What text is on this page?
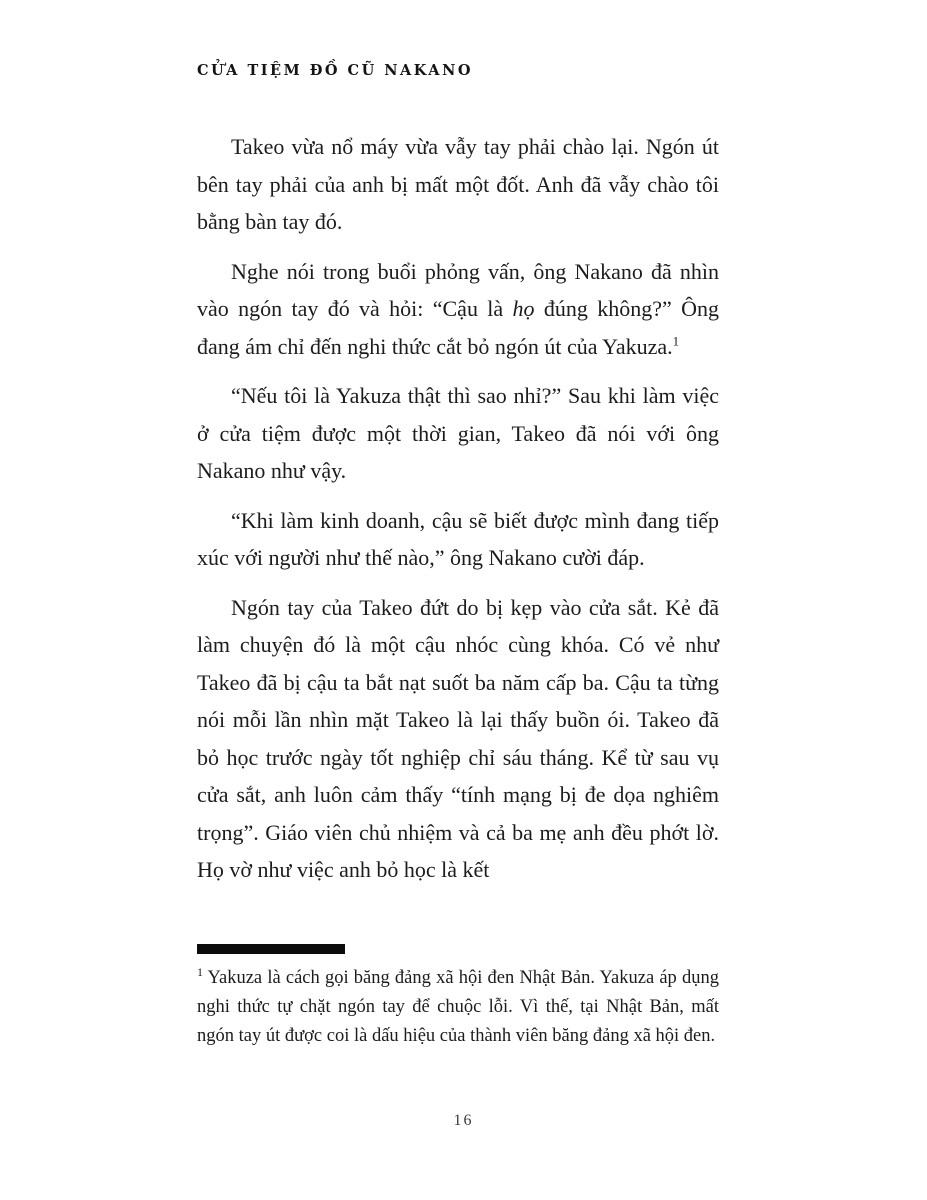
CỬA TIỆM ĐỒ CŨ NAKANO

Takeo vừa nổ máy vừa vẫy tay phải chào lại. Ngón út bên tay phải của anh bị mất một đốt. Anh đã vẫy chào tôi bằng bàn tay đó.

Nghe nói trong buổi phỏng vấn, ông Nakano đã nhìn vào ngón tay đó và hỏi: “Cậu là họ đúng không?” Ông đang ám chỉ đến nghi thức cắt bỏ ngón út của Yakuza.$^1$

“Nếu tôi là Yakuza thật thì sao nhỉ?” Sau khi làm việc ở cửa tiệm được một thời gian, Takeo đã nói với ông Nakano như vậy.

“Khi làm kinh doanh, cậu sẽ biết được mình đang tiếp xúc với người như thế nào,” ông Nakano cười đáp.

Ngón tay của Takeo đứt do bị kẹp vào cửa sắt. Kẻ đã làm chuyện đó là một cậu nhóc cùng khóa. Có vẻ như Takeo đã bị cậu ta bắt nạt suốt ba năm cấp ba. Cậu ta từng nói mỗi lần nhìn mặt Takeo là lại thấy buồn ói. Takeo đã bỏ học trước ngày tốt nghiệp chỉ sáu tháng. Kể từ sau vụ cửa sắt, anh luôn cảm thấy “tính mạng bị đe dọa nghiêm trọng”. Giáo viên chủ nhiệm và cả ba mẹ anh đều phớt lờ. Họ vờ như việc anh bỏ học là kết

$^1$ Yakuza là cách gọi băng đảng xã hội đen Nhật Bản. Yakuza áp dụng nghi thức tự chặt ngón tay để chuộc lỗi. Vì thế, tại Nhật Bản, mất ngón tay út được coi là dấu hiệu của thành viên băng đảng xã hội đen.

16
